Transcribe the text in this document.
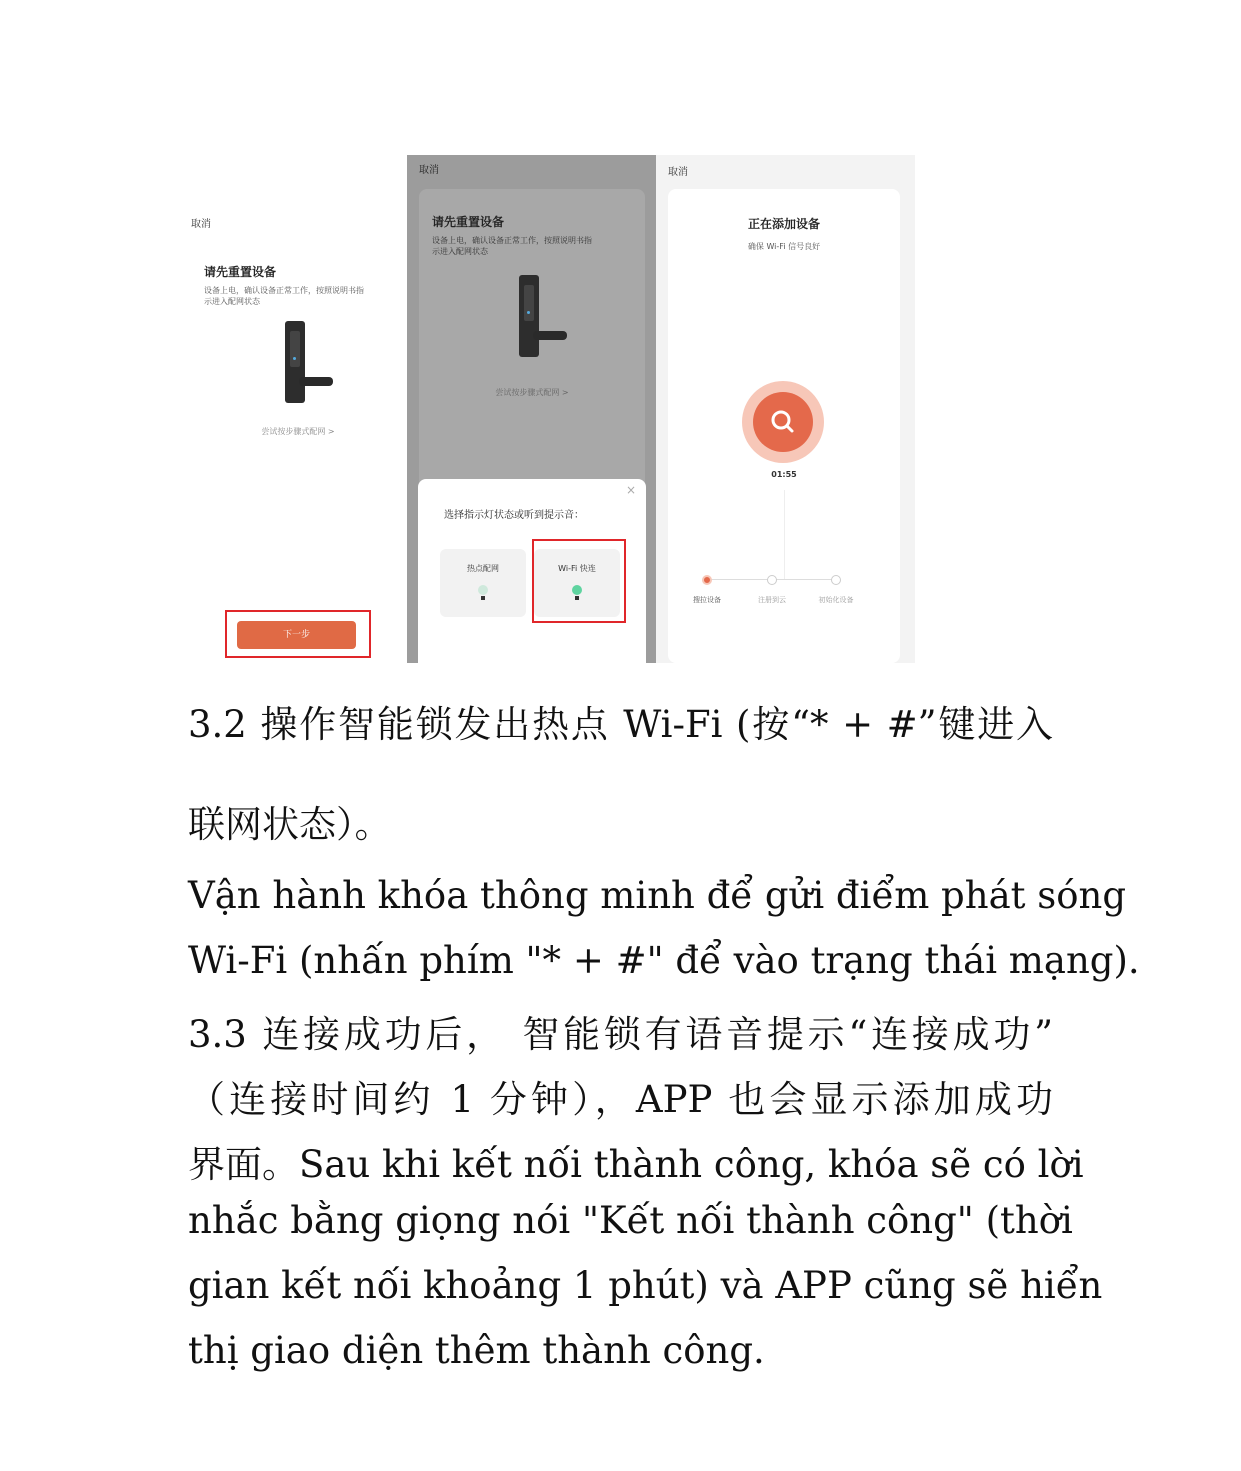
取消
请先重置设备
设备上电，确认设备正常工作，按照说明书指
示进入配网状态
尝试按步骤式配网 >
下一步
取消
请先重置设备
设备上电，确认设备正常工作，按照说明书指
示进入配网状态
尝试按步骤式配网 >
×
选择指示灯状态或听到提示音：
热点配网	Wi-Fi 快连
取消
正在添加设备
确保 Wi-Fi 信号良好
01:55
搜拉设备	注册到云	初始化设备
3.2 操作智能锁发出热点 Wi-Fi (按“* + #”键进入
联网状态）。
Vận hành khóa thông minh để gửi điểm phát sóng
Wi-Fi (nhấn phím "* + #" để vào trạng thái mạng).
3.3 连接成功后， 智能锁有语音提示“连接成功”
（连接时间约 1 分钟），APP 也会显示添加成功
界面。Sau khi kết nối thành công, khóa sẽ có lời
nhắc bằng giọng nói "Kết nối thành công" (thời
gian kết nối khoảng 1 phút) và APP cũng sẽ hiển
thị giao diện thêm thành công.
